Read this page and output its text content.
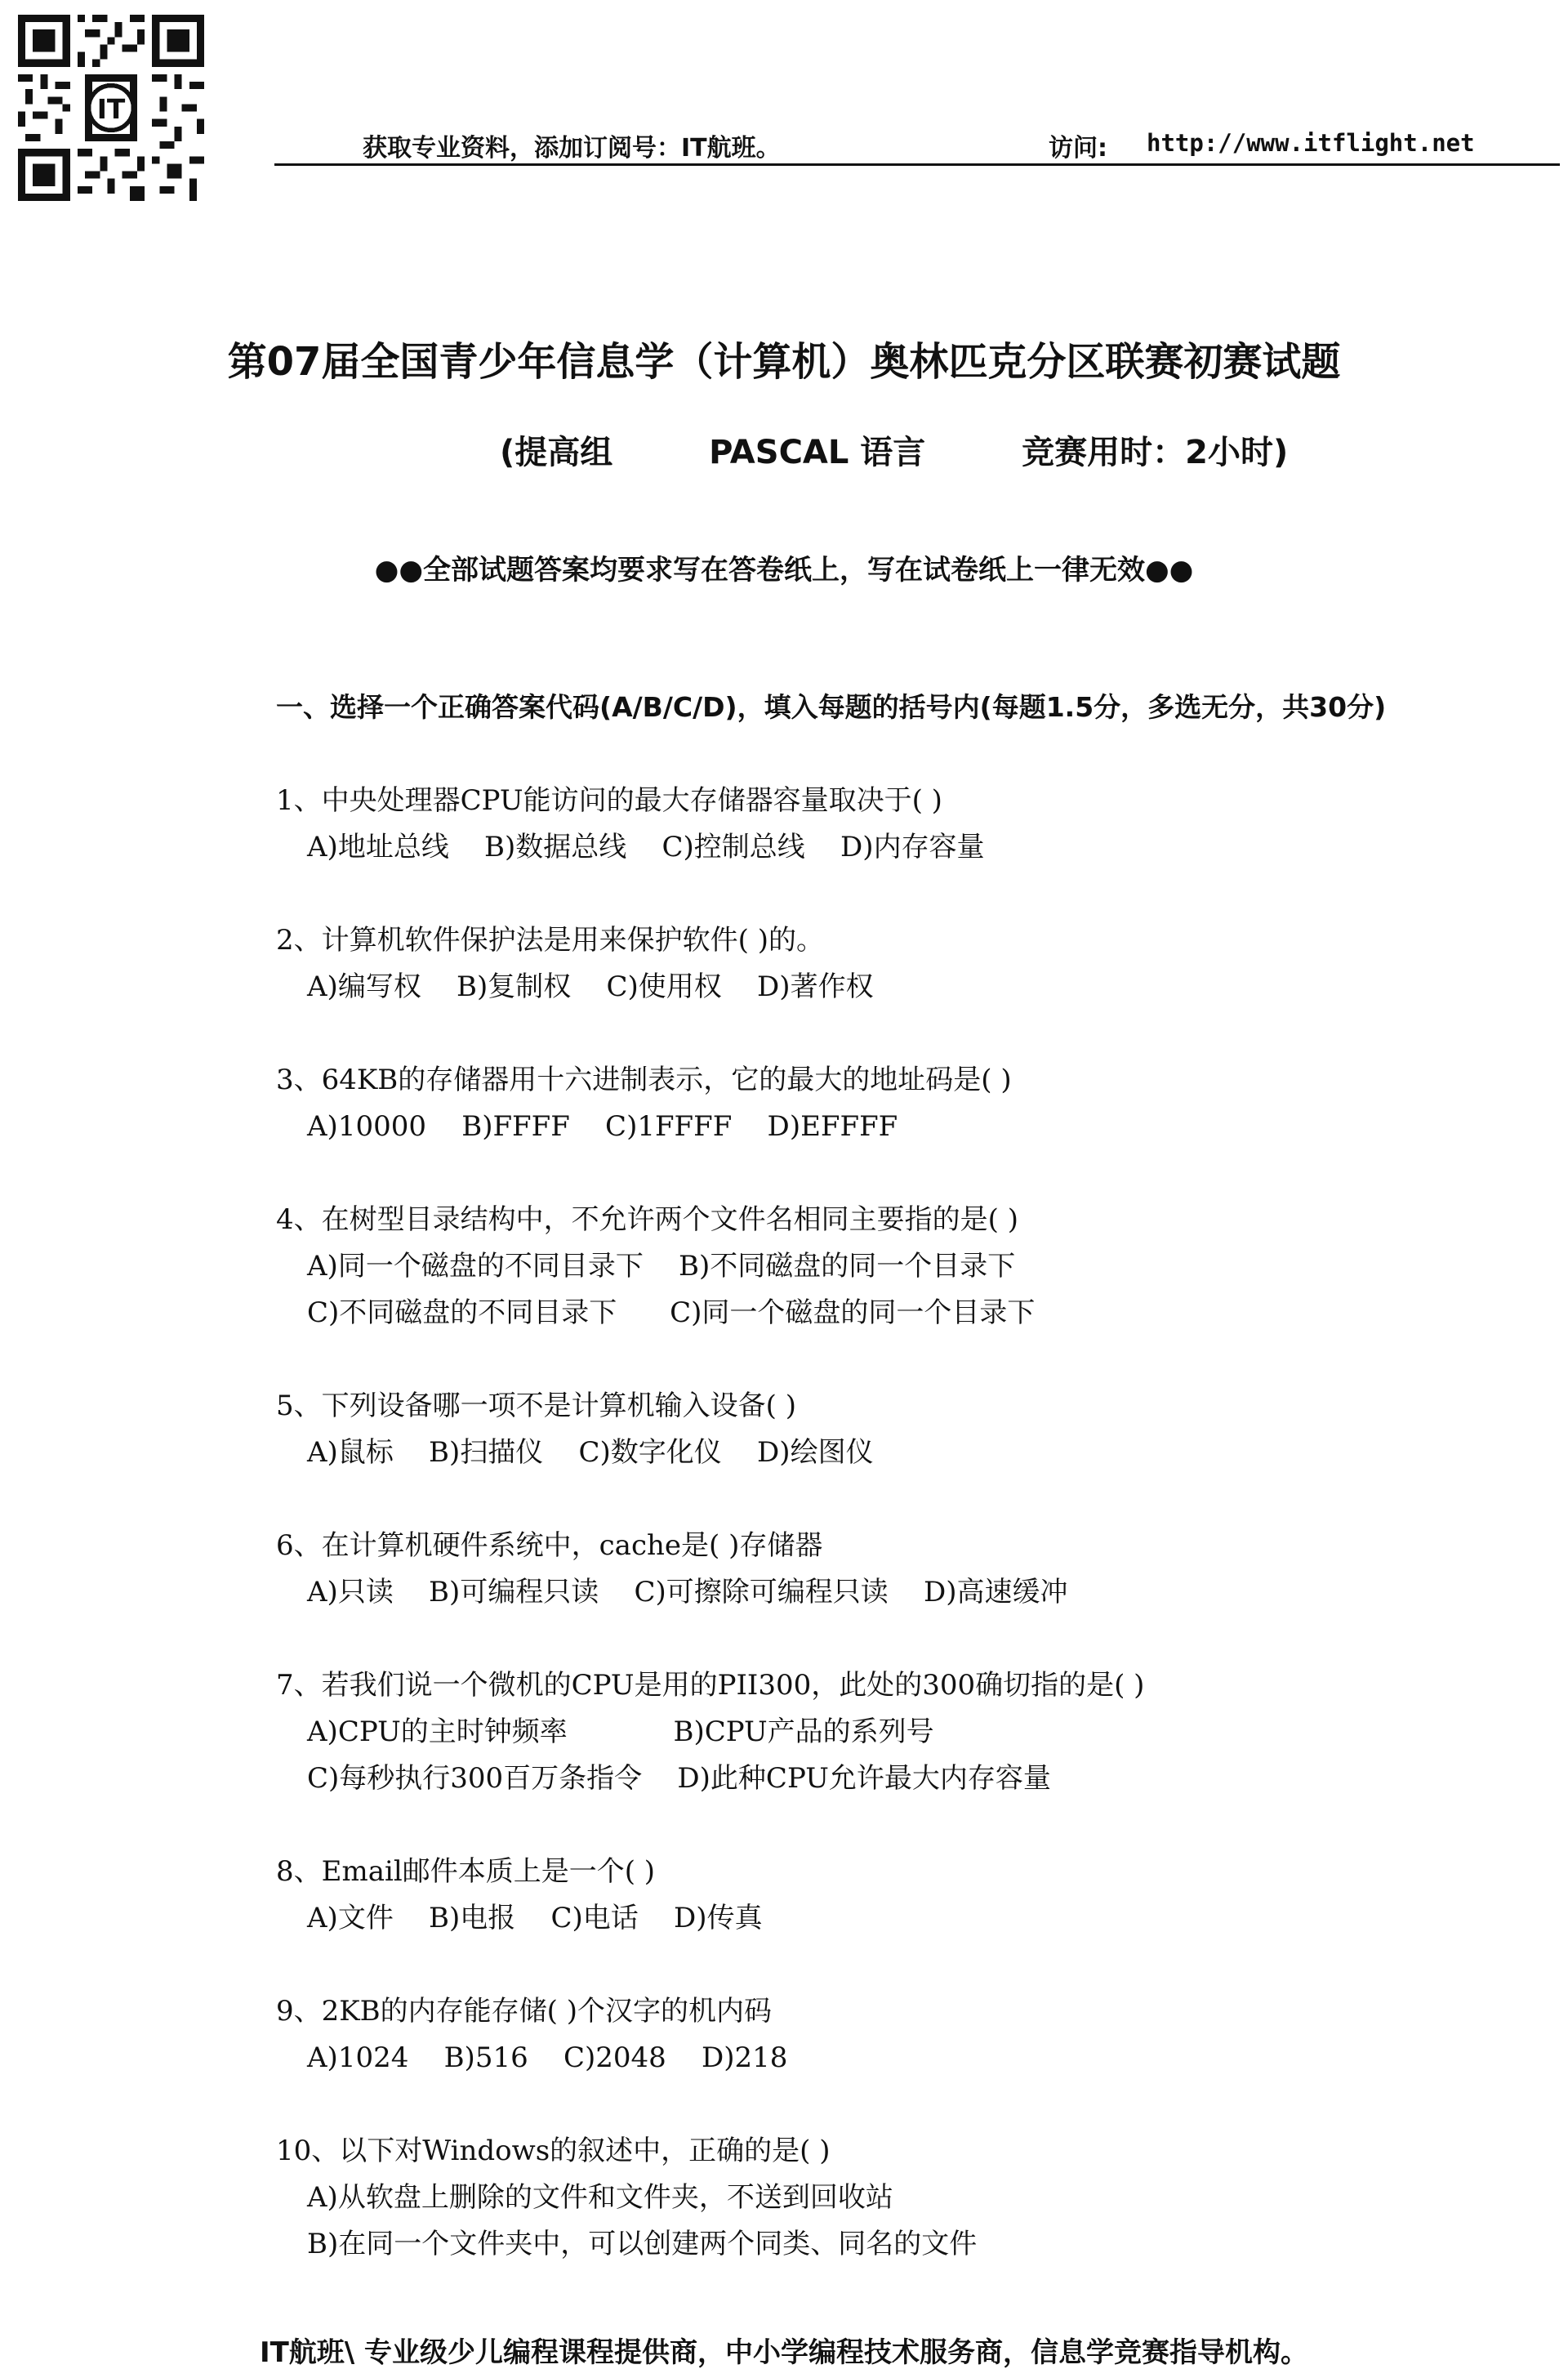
IT
获取专业资料，添加订阅号：IT航班。	访问: http://www.itflight.net
第07届全国青少年信息学（计算机）奥林匹克分区联赛初赛试题
(提高组	PASCAL 语言	竞赛用时：2小时)
●●全部试题答案均要求写在答卷纸上，写在试卷纸上一律无效●●
一、选择一个正确答案代码(A/B/C/D)，填入每题的括号内(每题1.5分，多选无分，共30分)
1、中央处理器CPU能访问的最大存储器容量取决于( )
A)地址总线    B)数据总线    C)控制总线    D)内存容量
2、计算机软件保护法是用来保护软件( )的。
A)编写权    B)复制权    C)使用权    D)著作权
3、64KB的存储器用十六进制表示，它的最大的地址码是( )
A)10000    B)FFFF    C)1FFFF    D)EFFFF
4、在树型目录结构中，不允许两个文件名相同主要指的是( )
A)同一个磁盘的不同目录下    B)不同磁盘的同一个目录下
C)不同磁盘的不同目录下      C)同一个磁盘的同一个目录下
5、下列设备哪一项不是计算机输入设备( )
A)鼠标    B)扫描仪    C)数字化仪    D)绘图仪
6、在计算机硬件系统中，cache是( )存储器
A)只读    B)可编程只读    C)可擦除可编程只读    D)高速缓冲
7、若我们说一个微机的CPU是用的PII300，此处的300确切指的是( )
A)CPU的主时钟频率            B)CPU产品的系列号
C)每秒执行300百万条指令    D)此种CPU允许最大内存容量
8、Email邮件本质上是一个( )
A)文件    B)电报    C)电话    D)传真
9、2KB的内存能存储( )个汉字的机内码
A)1024    B)516    C)2048    D)218
10、以下对Windows的叙述中，正确的是( )
A)从软盘上删除的文件和文件夹，不送到回收站
B)在同一个文件夹中，可以创建两个同类、同名的文件
IT航班\ 专业级少儿编程课程提供商，中小学编程技术服务商，信息学竞赛指导机构。
